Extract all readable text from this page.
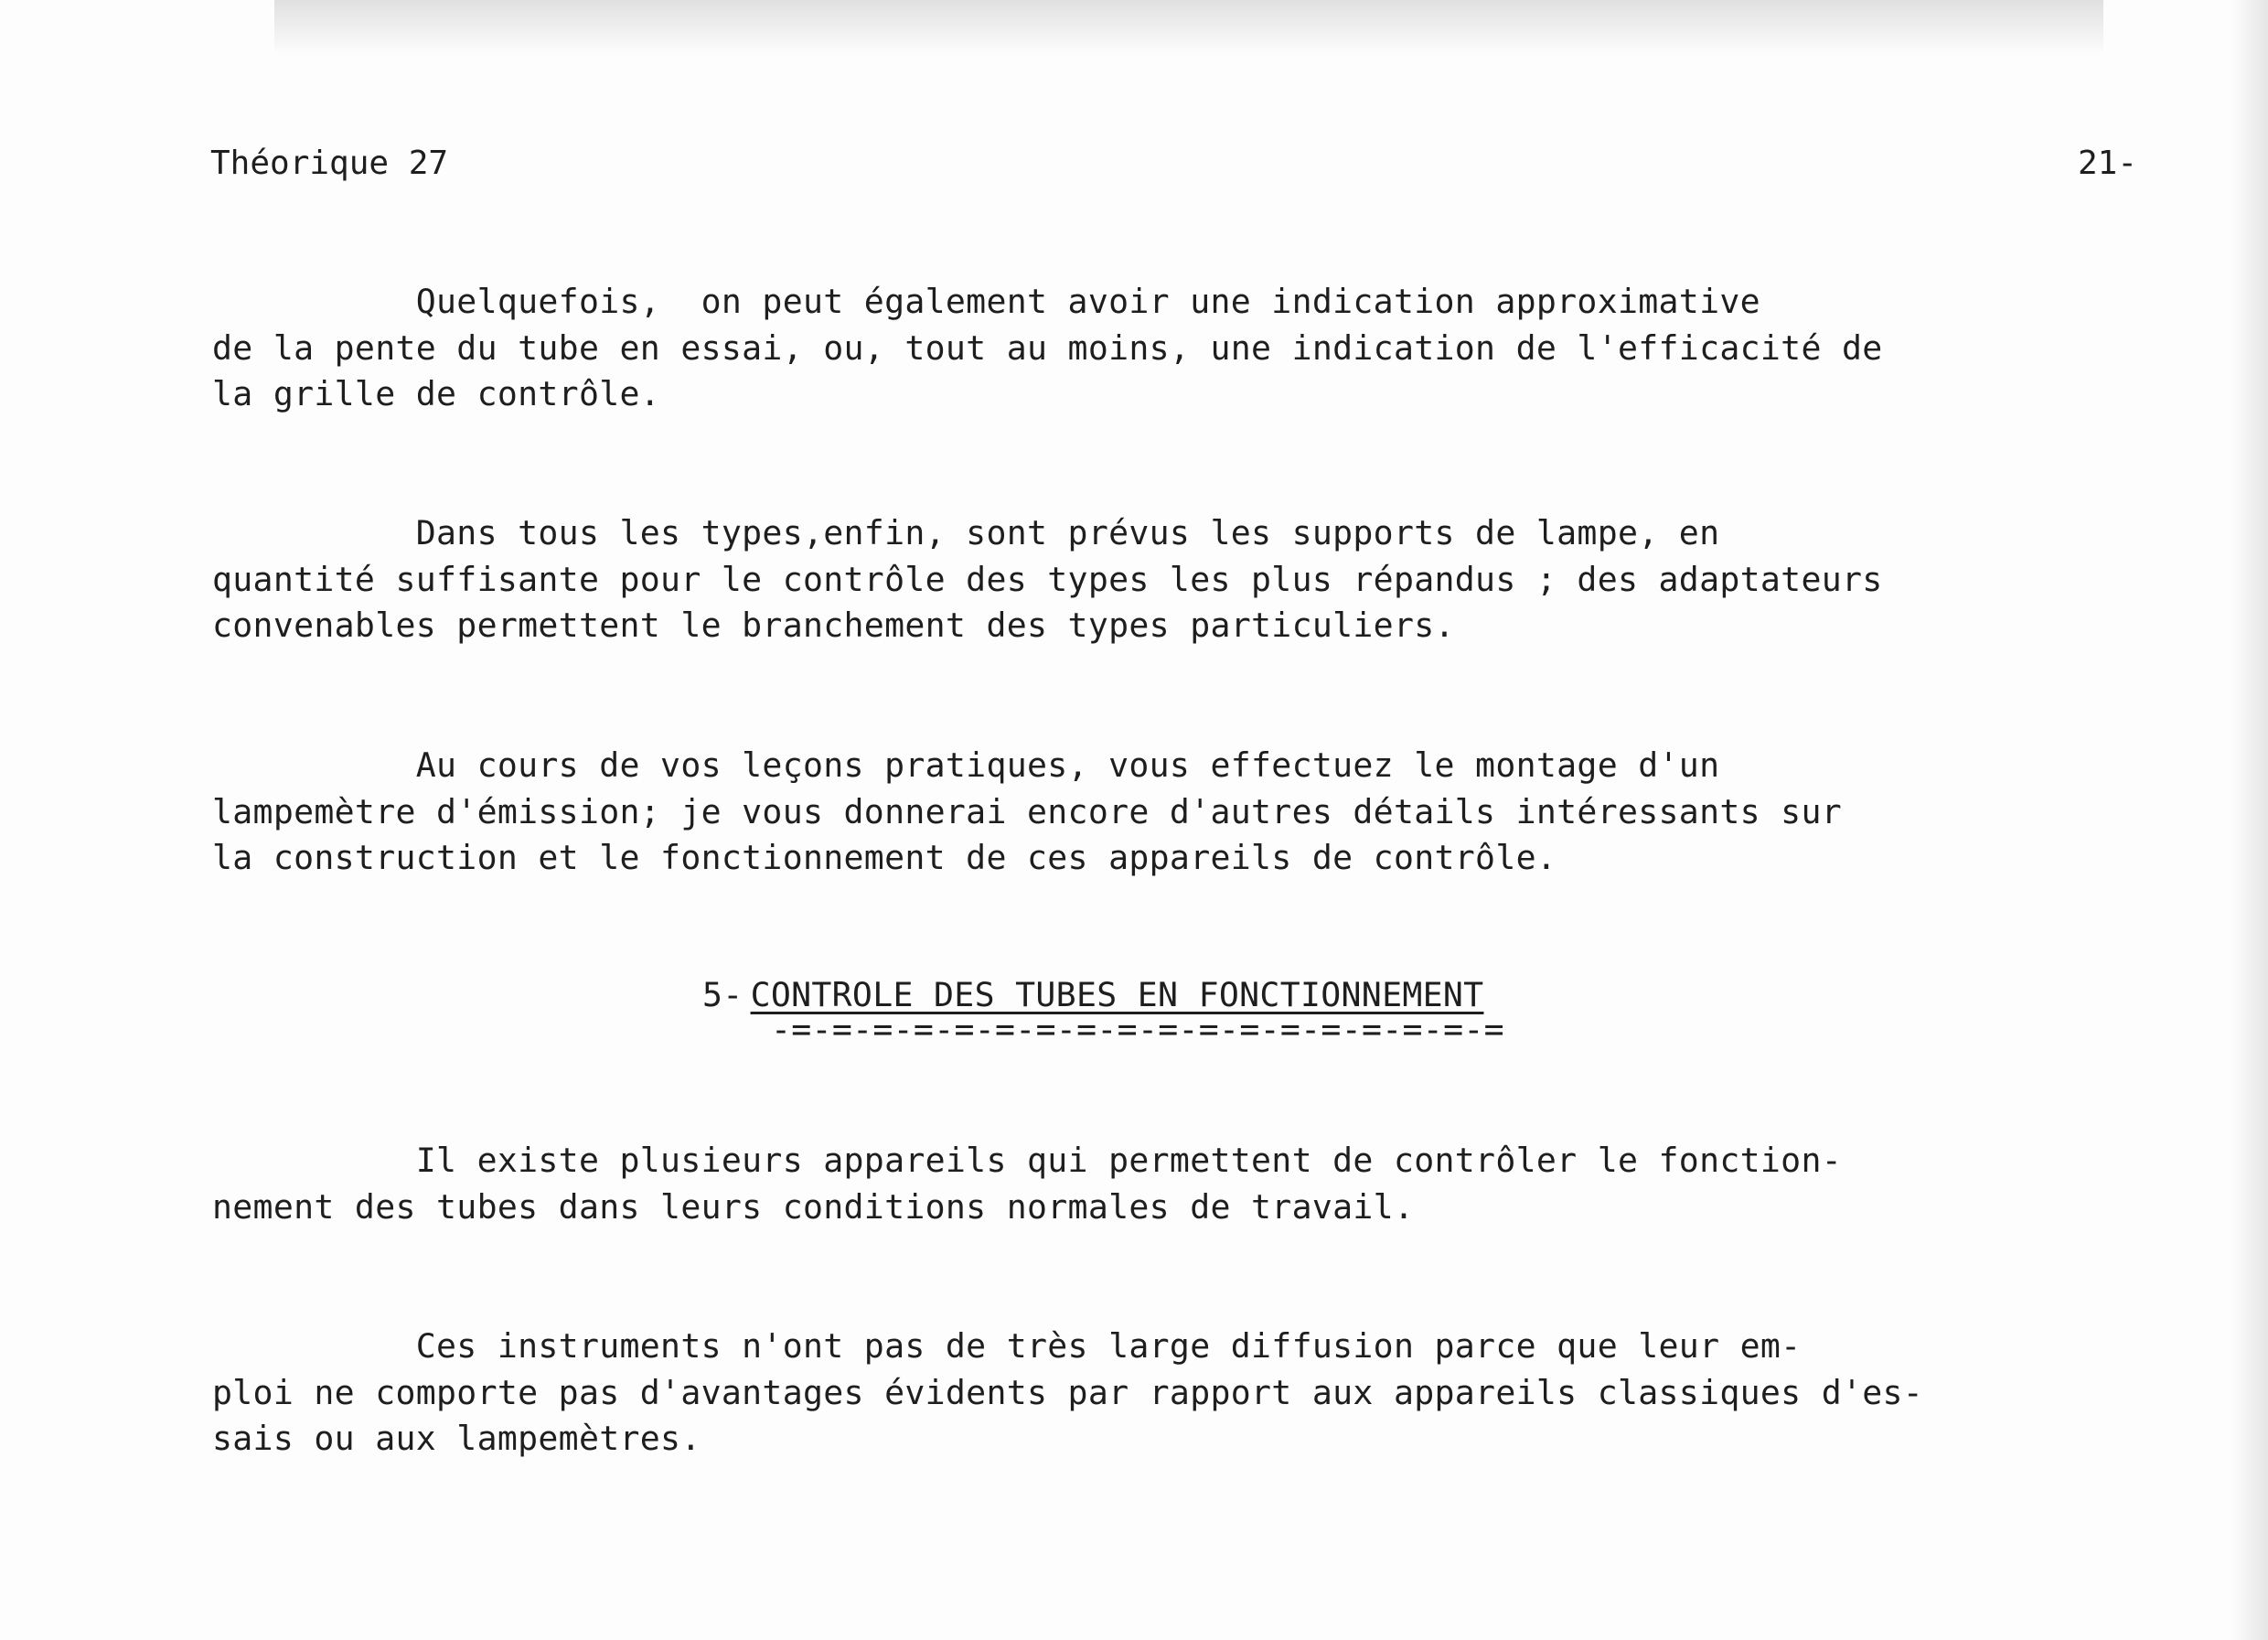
Théorique 27	21-
Quelquefois,  on peut également avoir une indication approximative
de la pente du tube en essai, ou, tout au moins, une indication de l'efficacité de
la grille de contrôle.
Dans tous les types,enfin, sont prévus les supports de lampe, en
quantité suffisante pour le contrôle des types les plus répandus ; des adaptateurs
convenables permettent le branchement des types particuliers.
Au cours de vos leçons pratiques, vous effectuez le montage d'un
lampemètre d'émission; je vous donnerai encore d'autres détails intéressants sur
la construction et le fonctionnement de ces appareils de contrôle.
5- CONTROLE DES TUBES EN FONCTIONNEMENT
-=-=-=-=-=-=-=-=-=-=-=-=-=-=-=-=-=-=
Il existe plusieurs appareils qui permettent de contrôler le fonction-
nement des tubes dans leurs conditions normales de travail.
Ces instruments n'ont pas de très large diffusion parce que leur em-
ploi ne comporte pas d'avantages évidents par rapport aux appareils classiques d'es-
sais ou aux lampemètres.
